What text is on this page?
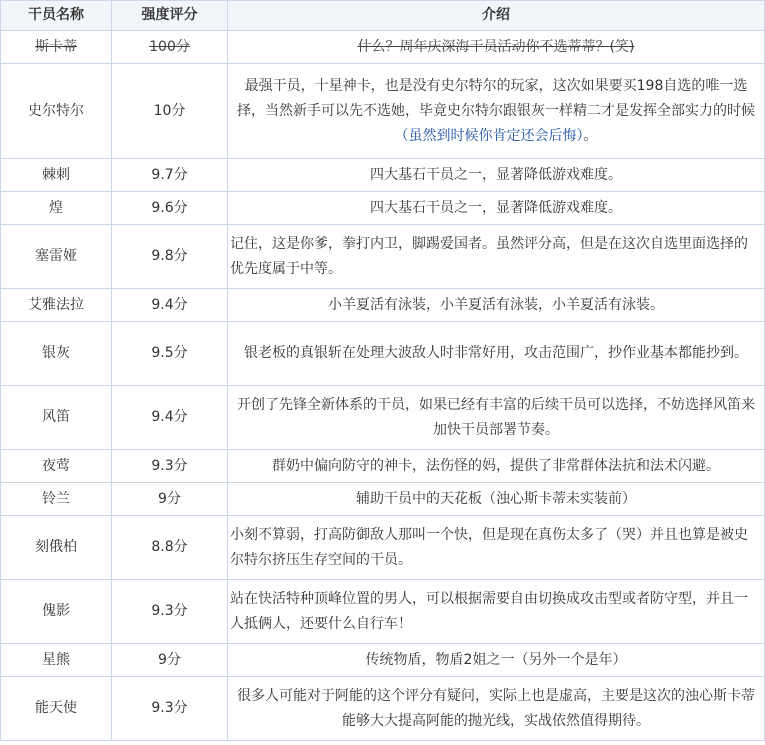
干员名称	强度评分	介绍
斯卡蒂	100分	什么？周年庆深海干员活动你不选蒂蒂？(笑)
史尔特尔	10分	最强干员，十星神卡，也是没有史尔特尔的玩家，这次如果要买198自选的唯一选择，当然新手可以先不选她，毕竟史尔特尔跟银灰一样精二才是发挥全部实力的时候（虽然到时候你肯定还会后悔）。
棘刺	9.7分	四大基石干员之一，显著降低游戏难度。
煌	9.6分	四大基石干员之一，显著降低游戏难度。
塞雷娅	9.8分	记住，这是你爹，拳打内卫，脚踢爱国者。虽然评分高，但是在这次自选里面选择的优先度属于中等。
艾雅法拉	9.4分	小羊夏活有泳装，小羊夏活有泳装，小羊夏活有泳装。
银灰	9.5分	银老板的真银斩在处理大波敌人时非常好用，攻击范围广，抄作业基本都能抄到。
风笛	9.4分	开创了先锋全新体系的干员，如果已经有丰富的后续干员可以选择，不妨选择风笛来加快干员部署节奏。
夜莺	9.3分	群奶中偏向防守的神卡，法伤怪的妈，提供了非常群体法抗和法术闪避。
铃兰	9分	辅助干员中的天花板（浊心斯卡蒂未实装前）
刻俄柏	8.8分	小刻不算弱，打高防御敌人那叫一个快，但是现在真伤太多了（哭）并且也算是被史尔特尔挤压生存空间的干员。
傀影	9.3分	站在快活特种顶峰位置的男人，可以根据需要自由切换成攻击型或者防守型，并且一人抵俩人，还要什么自行车！
星熊	9分	传统物盾，物盾2姐之一（另外一个是年）
能天使	9.3分	很多人可能对于阿能的这个评分有疑问，实际上也是虚高，主要是这次的浊心斯卡蒂能够大大提高阿能的抛光线，实战依然值得期待。
